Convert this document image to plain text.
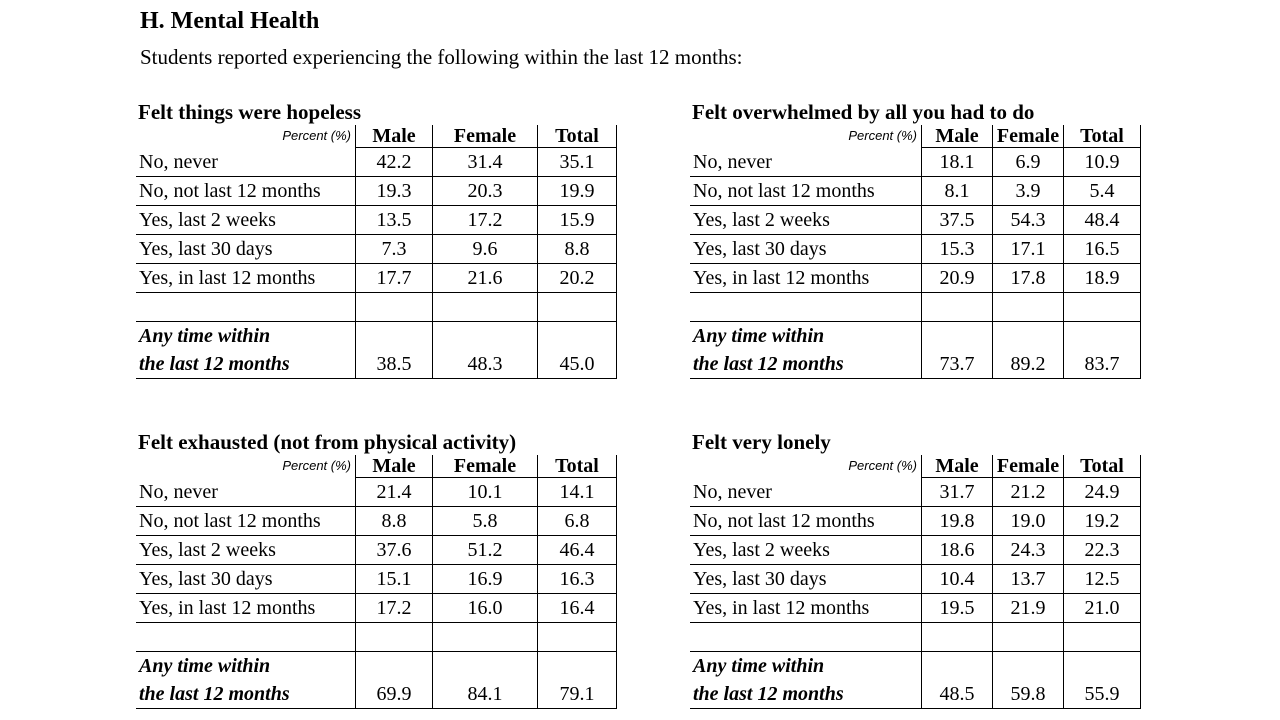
H. Mental Health

Students reported experiencing the following within the last 12 months:

Felt things were hopeless
Percent (%)	Male	Female	Total
No, never	42.2	31.4	35.1
No, not last 12 months	19.3	20.3	19.9
Yes, last 2 weeks	13.5	17.2	15.9
Yes, last 30 days	7.3	9.6	8.8
Yes, in last 12 months	17.7	21.6	20.2

Any time within
the last 12 months	38.5	48.3	45.0
Felt overwhelmed by all you had to do
Percent (%)	Male	Female	Total
No, never	18.1	6.9	10.9
No, not last 12 months	8.1	3.9	5.4
Yes, last 2 weeks	37.5	54.3	48.4
Yes, last 30 days	15.3	17.1	16.5
Yes, in last 12 months	20.9	17.8	18.9

Any time within
the last 12 months	73.7	89.2	83.7
Felt exhausted (not from physical activity)
Percent (%)	Male	Female	Total
No, never	21.4	10.1	14.1
No, not last 12 months	8.8	5.8	6.8
Yes, last 2 weeks	37.6	51.2	46.4
Yes, last 30 days	15.1	16.9	16.3
Yes, in last 12 months	17.2	16.0	16.4

Any time within
the last 12 months	69.9	84.1	79.1
Felt very lonely
Percent (%)	Male	Female	Total
No, never	31.7	21.2	24.9
No, not last 12 months	19.8	19.0	19.2
Yes, last 2 weeks	18.6	24.3	22.3
Yes, last 30 days	10.4	13.7	12.5
Yes, in last 12 months	19.5	21.9	21.0

Any time within
the last 12 months	48.5	59.8	55.9
